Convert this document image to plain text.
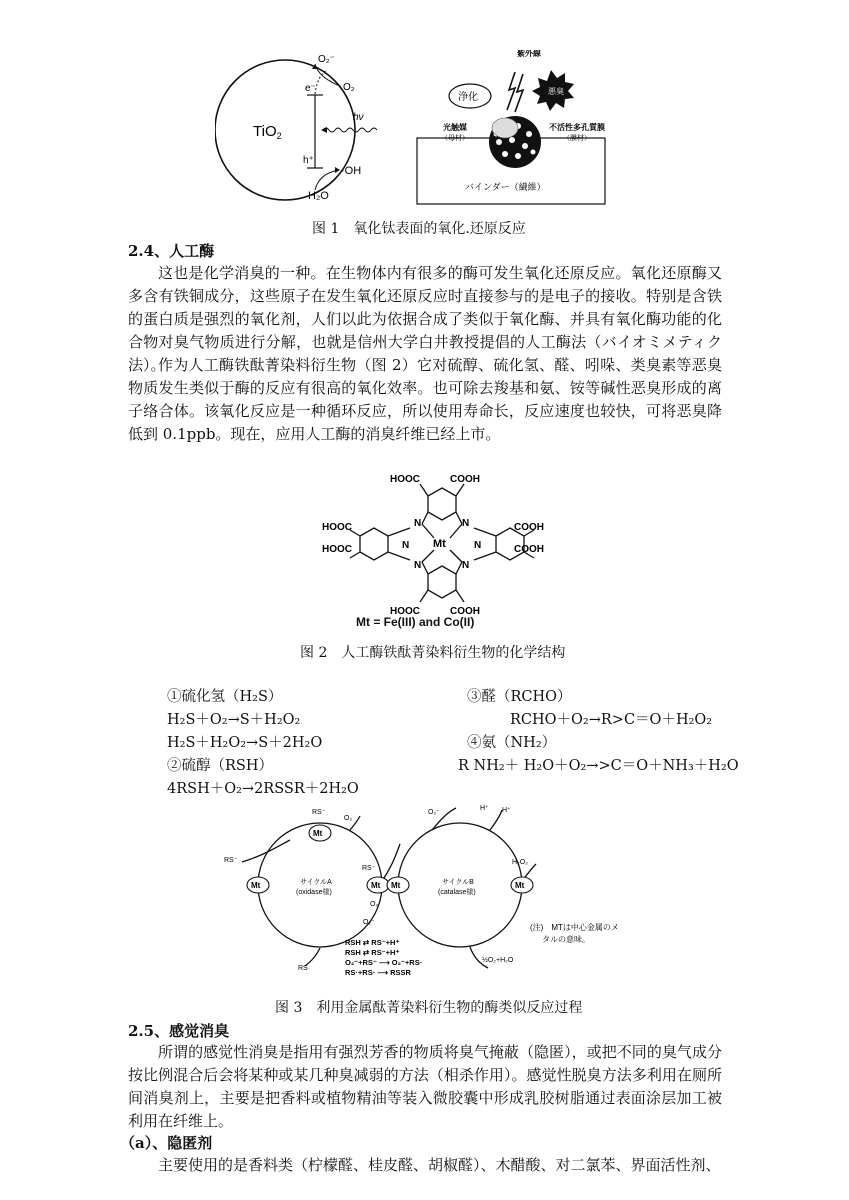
TiO$_2$
e⁻
h⁺
O₂⁻
O₂
hν
·OH
H₂O
バインダー（繊維）
浄化
悪臭
紫外線
光触媒
（母材）
不活性多孔質膜
（膜材）
图 1　氧化钛表面的氧化.还原反应
2.4、人工酶

这也是化学消臭的一种。在生物体内有很多的酶可发生氧化还原反应。氧化还原酶又多含有铁铜成分，这些原子在发生氧化还原反应时直接参与的是电子的接收。特别是含铁的蛋白质是强烈的氧化剂，人们以此为依据合成了类似于氧化酶、并具有氧化酶功能的化合物对臭气物质进行分解，也就是信州大学白井教授提倡的人工酶法（バイオミメティク法）。

作为人工酶铁酞菁染料衍生物（图 2）它对硫醇、硫化氢、醛、吲哚、类臭素等恶臭物质发生类似于酶的反应有很高的氧化效率。也可除去羧基和氨、铵等碱性恶臭形成的离子络合体。该氧化反应是一种循环反应，所以使用寿命长，反应速度也较快，可将恶臭降低到 0.1ppb。现在，应用人工酶的消臭纤维已经上市。

HOOC	COOH
HOOC
HOOC
COOH
COOH
HOOC	COOH
N	N
N	N
N	N
Mt
Mt = Fe(III) and Co(II)
图 2　人工酶铁酞菁染料衍生物的化学结构
①硫化氢（H₂S）
H₂S＋O₂→S＋H₂O₂
H₂S＋H₂O₂→S＋2H₂O
②硫醇（RSH）
4RSH＋O₂→2RSSR＋2H₂O
③醛（RCHO）
RCHO＋O₂→R>C＝O＋H₂O₂
④氨（NH₂）
R NH₂＋ H₂O＋O₂→>C＝O＋NH₃＋H₂O
Mt
Mt	Mt Mt	Mt
RS⁻
O₂
RS⁻
RS⁻
O₂
O₂⁻
RS·
サイクルA
(oxidase様)
O₂⁻
H⁺ H⁺
H₂O₂
サイクルB
(catalase様)
½O₂+H₂O
(注)　MTは中心金属のメ
タルの意味。
RSH ⇄ RS⁻+H⁺
RSH ⇄ RS⁻+H⁺
O₂⁻+RS⁻ ⟶ O₂⁻+RS·
RS·+RS· ⟶ RSSR
图 3　利用金属酞菁染料衍生物的酶类似反应过程
2.5、感觉消臭

所谓的感觉性消臭是指用有强烈芳香的物质将臭气掩蔽（隐匿），或把不同的臭气成分按比例混合后会将某种或某几种臭减弱的方法（相杀作用）。感觉性脱臭方法多利用在厕所间消臭剂上，主要是把香料或植物精油等装入微胶囊中形成乳胶树脂通过表面涂层加工被利用在纤维上。

（a）、隐匿剂

主要使用的是香料类（柠檬醛、桂皮醛、胡椒醛）、木醋酸、对二氯苯、界面活性剂、
